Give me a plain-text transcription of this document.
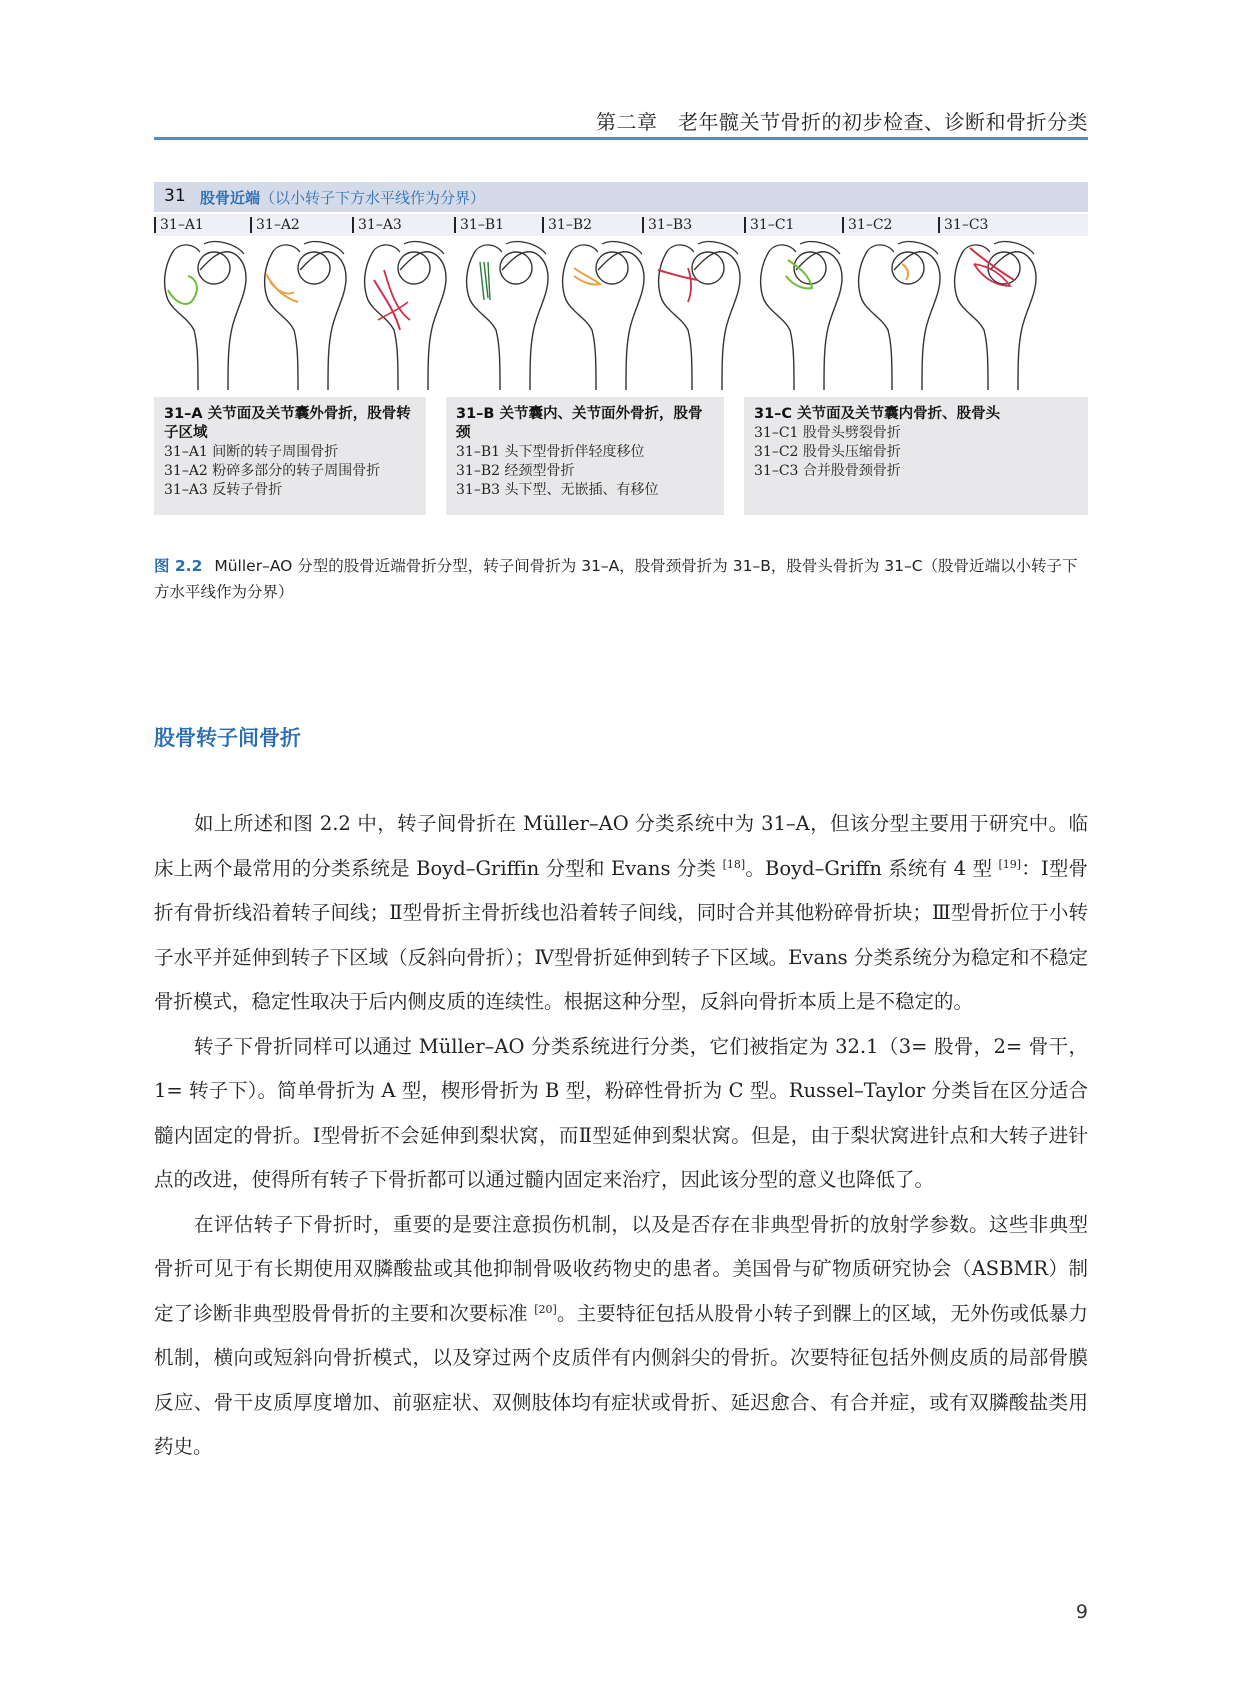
第二章　老年髋关节骨折的初步检查、诊断和骨折分类
31 股骨近端（以小转子下方水平线作为分界）
31–A1	31–A2	31–A3	31–B1	31–B2	31–B3	31–C1	31–C2	31–C3
31–A 关节面及关节囊外骨折，股骨转子区域
31–A1 间断的转子周围骨折
31–A2 粉碎多部分的转子周围骨折
31–A3 反转子骨折
31–B 关节囊内、关节面外骨折，股骨颈
31–B1 头下型骨折伴轻度移位
31–B2 经颈型骨折
31–B3 头下型、无嵌插、有移位
31–C 关节面及关节囊内骨折、股骨头
31–C1 股骨头劈裂骨折
31–C2 股骨头压缩骨折
31–C3 合并股骨颈骨折
图 2.2 Müller–AO 分型的股骨近端骨折分型，转子间骨折为 31–A，股骨颈骨折为 31–B，股骨头骨折为 31–C（股骨近端以小转子下方水平线作为分界）
股骨转子间骨折

如上所述和图 2.2 中，转子间骨折在 Müller–AO 分类系统中为 31–A，但该分型主要用于研究中。临床上两个最常用的分类系统是 Boyd–Griffin 分型和 Evans 分类 [18]。Boyd–Griffn 系统有 4 型 [19]：Ⅰ型骨折有骨折线沿着转子间线；Ⅱ型骨折主骨折线也沿着转子间线，同时合并其他粉碎骨折块；Ⅲ型骨折位于小转子水平并延伸到转子下区域（反斜向骨折）；Ⅳ型骨折延伸到转子下区域。Evans 分类系统分为稳定和不稳定骨折模式，稳定性取决于后内侧皮质的连续性。根据这种分型，反斜向骨折本质上是不稳定的。

转子下骨折同样可以通过 Müller–AO 分类系统进行分类，它们被指定为 32.1（3= 股骨，2= 骨干，1= 转子下）。简单骨折为 A 型，楔形骨折为 B 型，粉碎性骨折为 C 型。Russel–Taylor 分类旨在区分适合髓内固定的骨折。Ⅰ型骨折不会延伸到梨状窝，而Ⅱ型延伸到梨状窝。但是，由于梨状窝进针点和大转子进针点的改进，使得所有转子下骨折都可以通过髓内固定来治疗，因此该分型的意义也降低了。

在评估转子下骨折时，重要的是要注意损伤机制，以及是否存在非典型骨折的放射学参数。这些非典型骨折可见于有长期使用双膦酸盐或其他抑制骨吸收药物史的患者。美国骨与矿物质研究协会（ASBMR）制定了诊断非典型股骨骨折的主要和次要标准 [20]。主要特征包括从股骨小转子到髁上的区域，无外伤或低暴力机制，横向或短斜向骨折模式，以及穿过两个皮质伴有内侧斜尖的骨折。次要特征包括外侧皮质的局部骨膜反应、骨干皮质厚度增加、前驱症状、双侧肢体均有症状或骨折、延迟愈合、有合并症，或有双膦酸盐类用药史。

9
